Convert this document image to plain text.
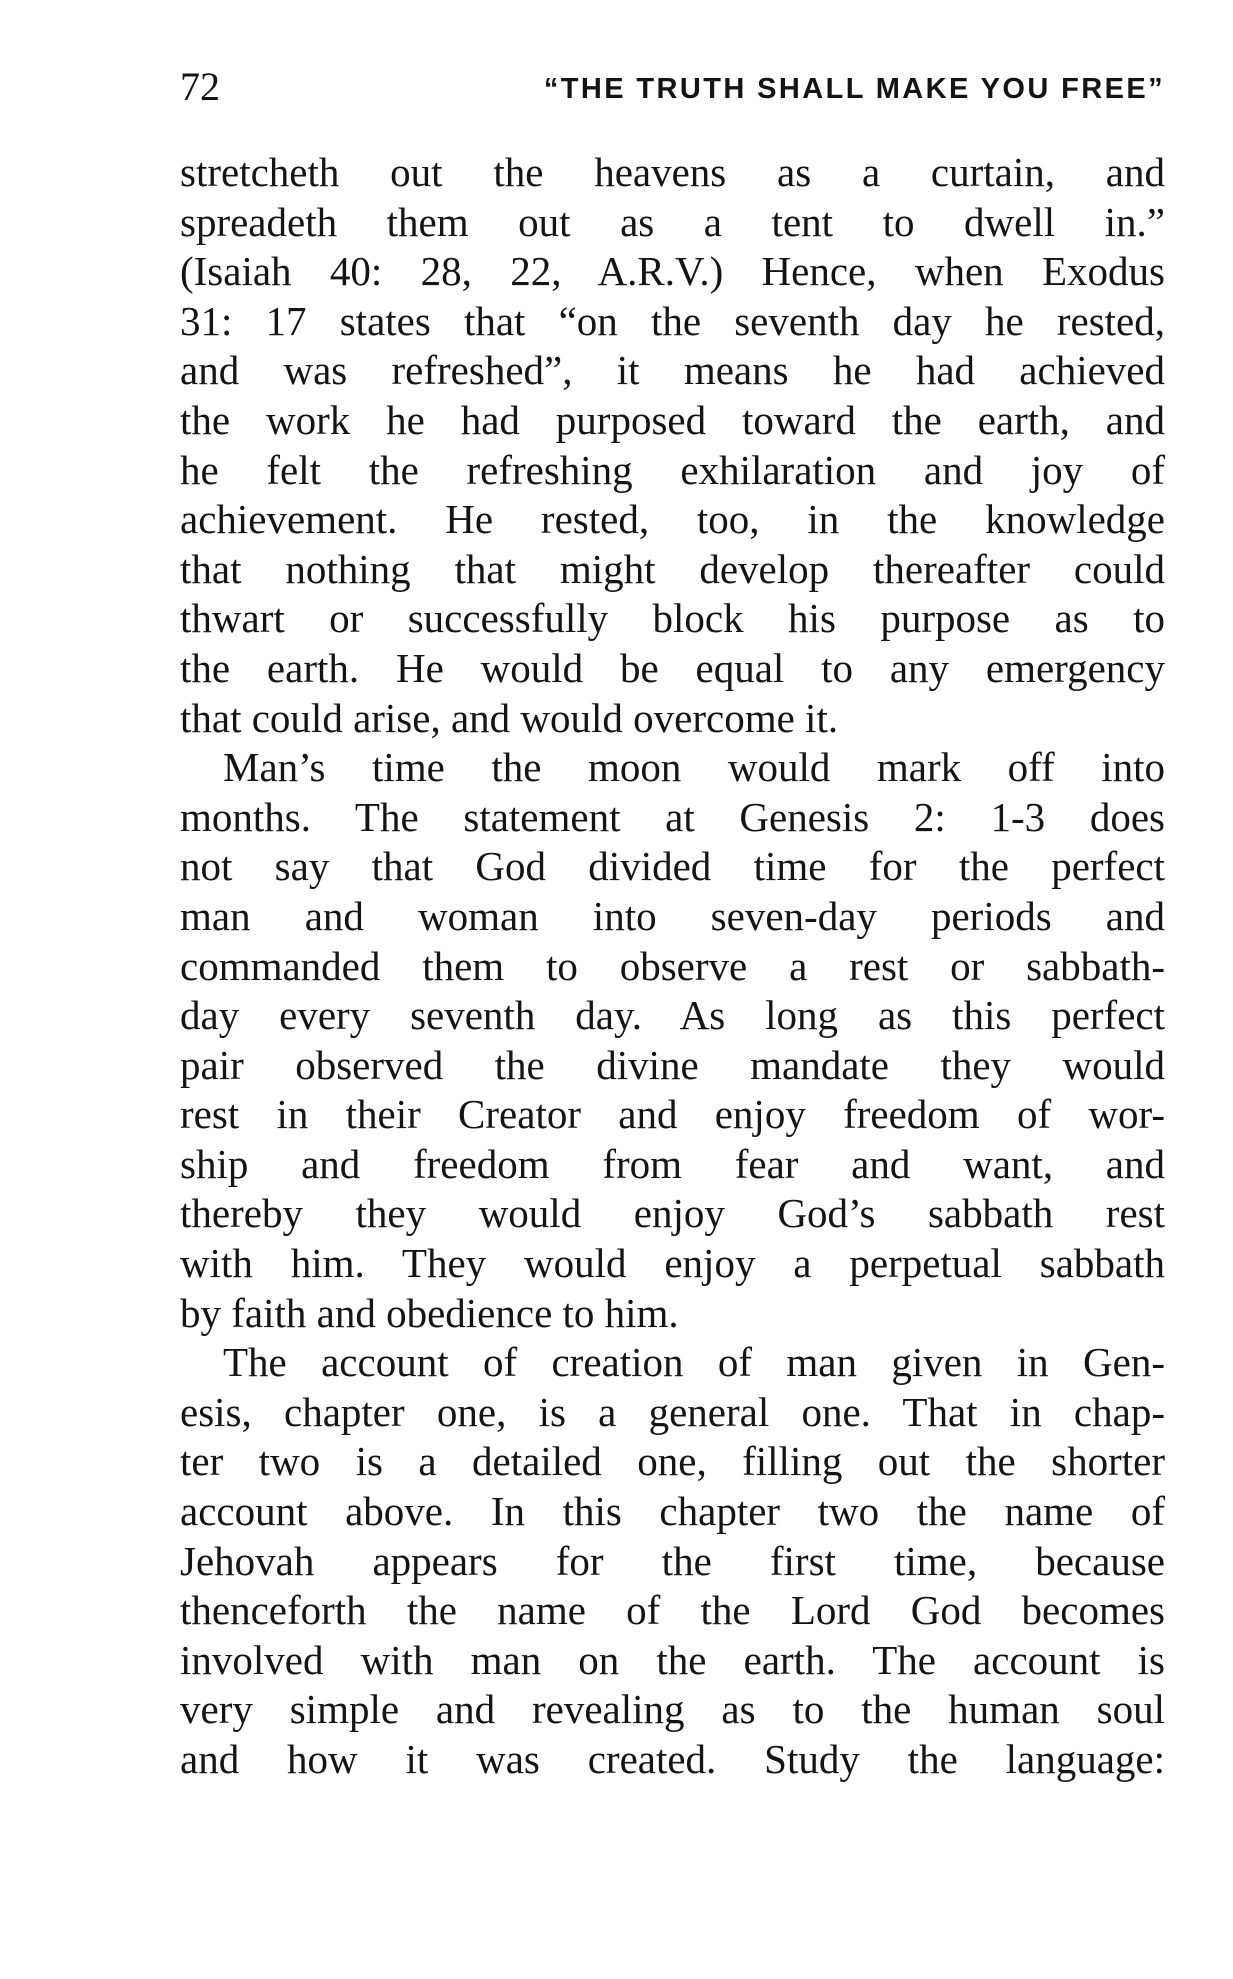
72	“THE TRUTH SHALL MAKE YOU FREE”
stretcheth out the heavens as a curtain, and
spreadeth them out as a tent to dwell in.”
(Isaiah 40: 28, 22, A.R.V.) Hence, when Exodus
31: 17 states that “on the seventh day he rested,
and was refreshed”, it means he had achieved
the work he had purposed toward the earth, and
he felt the refreshing exhilaration and joy of
achievement. He rested, too, in the knowledge
that nothing that might develop thereafter could
thwart or successfully block his purpose as to
the earth. He would be equal to any emergency
that could arise, and would overcome it.
Man’s time the moon would mark off into
months. The statement at Genesis 2: 1-3 does
not say that God divided time for the perfect
man and woman into seven-day periods and
commanded them to observe a rest or sabbath-
day every seventh day. As long as this perfect
pair observed the divine mandate they would
rest in their Creator and enjoy freedom of wor-
ship and freedom from fear and want, and
thereby they would enjoy God’s sabbath rest
with him. They would enjoy a perpetual sabbath
by faith and obedience to him.
The account of creation of man given in Gen-
esis, chapter one, is a general one. That in chap-
ter two is a detailed one, filling out the shorter
account above. In this chapter two the name of
Jehovah appears for the first time, because
thenceforth the name of the Lord God becomes
involved with man on the earth. The account is
very simple and revealing as to the human soul
and how it was created. Study the language:
